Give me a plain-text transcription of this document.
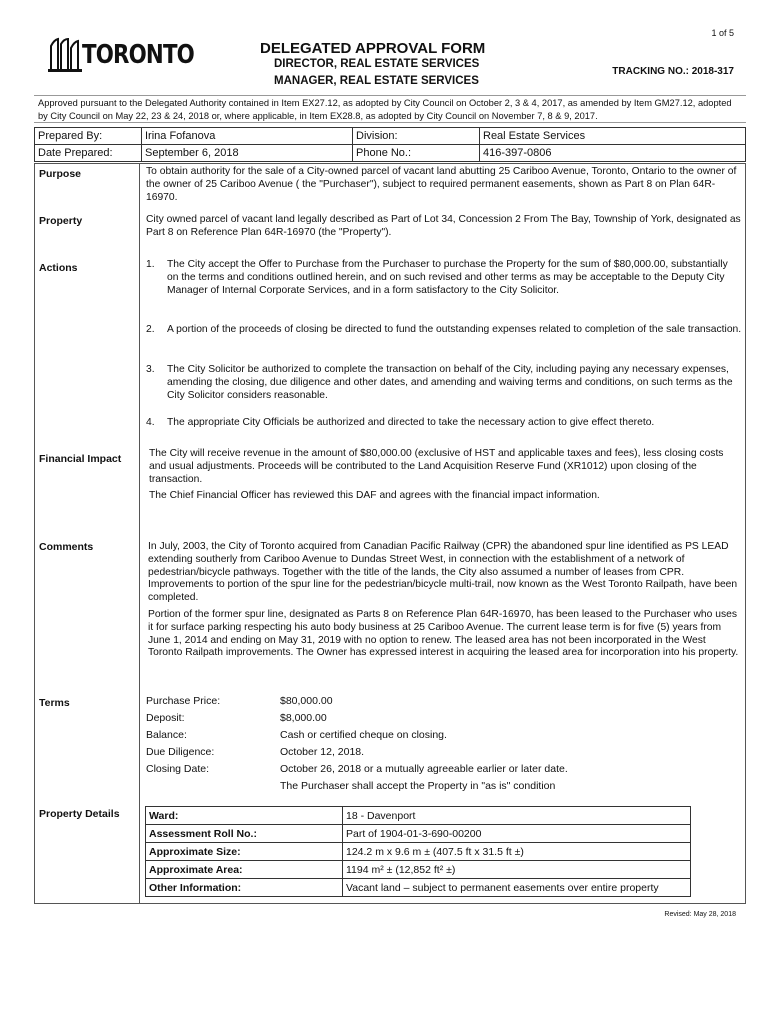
1 of 5
TORONTO	DELEGATED APPROVAL FORM
DIRECTOR, REAL ESTATE SERVICES
MANAGER, REAL ESTATE SERVICES
TRACKING NO.: 2018-317
Approved pursuant to the Delegated Authority contained in Item EX27.12, as adopted by City Council on October 2, 3 & 4, 2017, as amended by Item GM27.12, adopted by City Council on May 22, 23 & 24, 2018 or, where applicable, in Item EX28.8, as adopted by City Council on November 7, 8 & 9, 2017.
Prepared By:	Irina Fofanova	Division:	Real Estate Services
Date Prepared:	September 6, 2018	Phone No.:	416-397-0806
Purpose	To obtain authority for the sale of a City-owned parcel of vacant land abutting 25 Cariboo Avenue, Toronto, Ontario to the owner of the owner of 25 Cariboo Avenue ( the "Purchaser"), subject to required permanent easements, shown as Part 8 on Plan 64R-16970.
Property	City owned parcel of vacant land legally described as Part of Lot 34, Concession 2 From The Bay, Township of York, designated as Part 8 on Reference Plan 64R-16970 (the "Property").
Actions	1. The City accept the Offer to Purchase from the Purchaser to purchase the Property for the sum of $80,000.00, substantially on the terms and conditions outlined herein, and on such revised and other terms as may be acceptable to the Deputy City Manager of Internal Corporate Services, and in a form satisfactory to the City Solicitor.
2. A portion of the proceeds of closing be directed to fund the outstanding expenses related to completion of the sale transaction.
3. The City Solicitor be authorized to complete the transaction on behalf of the City, including paying any necessary expenses, amending the closing, due diligence and other dates, and amending and waiving terms and conditions, on such terms as the City Solicitor considers reasonable.
4. The appropriate City Officials be authorized and directed to take the necessary action to give effect thereto.
Financial Impact	The City will receive revenue in the amount of $80,000.00 (exclusive of HST and applicable taxes and fees), less closing costs and usual adjustments. Proceeds will be contributed to the Land Acquisition Reserve Fund (XR1012) upon closing of the transaction.

The Chief Financial Officer has reviewed this DAF and agrees with the financial impact information.

Comments	In July, 2003, the City of Toronto acquired from Canadian Pacific Railway (CPR) the abandoned spur line identified as PS LEAD extending southerly from Cariboo Avenue to Dundas Street West, in connection with the establishment of a network of pedestrian/bicycle pathways. Together with the title of the lands, the City also assumed a number of leases from CPR. Improvements to portion of the spur line for the pedestrian/bicycle multi-trail, now known as the West Toronto Railpath, have been completed.

Portion of the former spur line, designated as Parts 8 on Reference Plan 64R-16970, has been leased to the Purchaser who uses it for surface parking respecting his auto body business at 25 Cariboo Avenue. The current lease term is for five (5) years from June 1, 2014 and ending on May 31, 2019 with no option to renew. The leased area has not been incorporated in the West Toronto Railpath improvements. The Owner has expressed interest in acquiring the leased area for incorporation into his property.

Terms	Purchase Price:	$80,000.00
Deposit:	$8,000.00
Balance:	Cash or certified cheque on closing.
Due Diligence:	October 12, 2018.
Closing Date:	October 26, 2018 or a mutually agreeable earlier or later date.
The Purchaser shall accept the Property in "as is" condition
Property Details	Ward:	18 - Davenport
Assessment Roll No.:	Part of 1904-01-3-690-00200
Approximate Size:	124.2 m x 9.6 m ± (407.5 ft x 31.5 ft ±)
Approximate Area:	1194 m² ± (12,852 ft² ±)
Other Information:	Vacant land – subject to permanent easements over entire property
Revised: May 28, 2018
